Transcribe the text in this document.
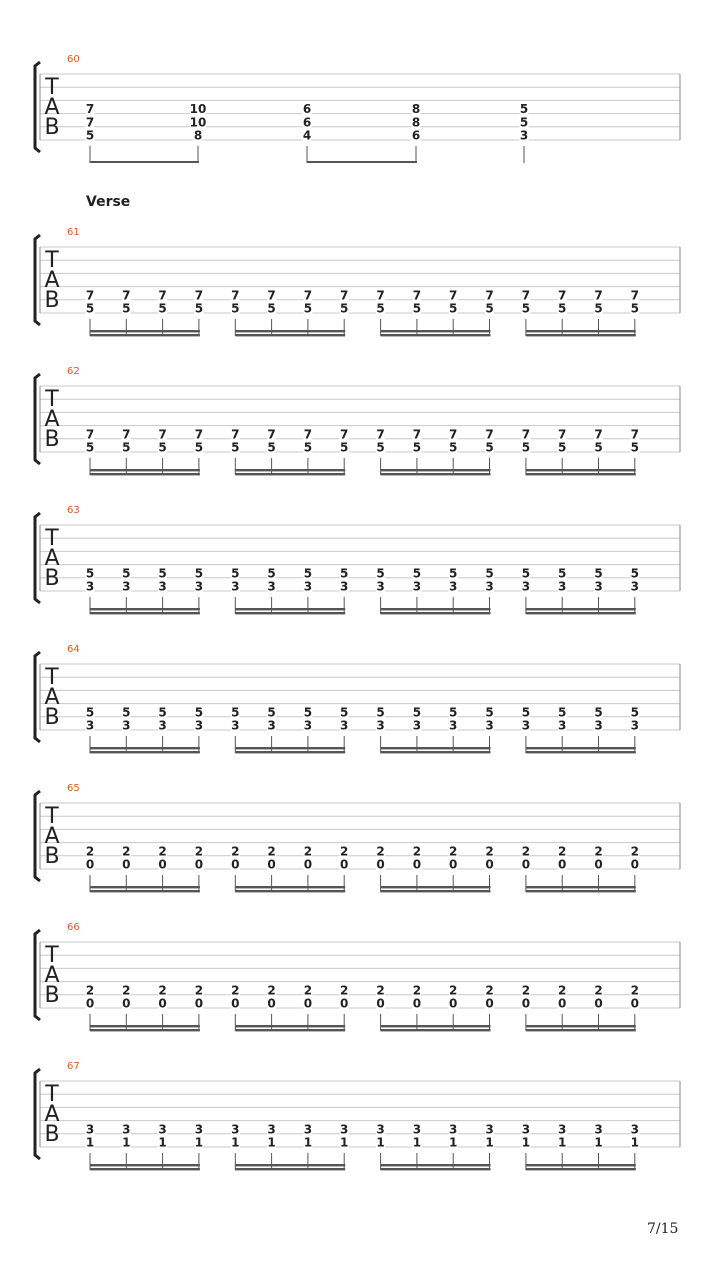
Verse
60
T
A
B
7
7
5
10
10
8
6
6
4
8
8
6
5
5
3
61
T
A
B 7
5
7
5
7
5
7
5
7
5
7
5
7
5
7
5
7
5
7
5
7
5
7
5
7
5
7
5
7
5
7
5
62
T
A
B 7
5
7
5
7
5
7
5
7
5
7
5
7
5
7
5
7
5
7
5
7
5
7
5
7
5
7
5
7
5
7
5
63
T
A
B 5
3
5
3
5
3
5
3
5
3
5
3
5
3
5
3
5
3
5
3
5
3
5
3
5
3
5
3
5
3
5
3
64
T
A
B 5
3
5
3
5
3
5
3
5
3
5
3
5
3
5
3
5
3
5
3
5
3
5
3
5
3
5
3
5
3
5
3
65
T
A
B 2
0
2
0
2
0
2
0
2
0
2
0
2
0
2
0
2
0
2
0
2
0
2
0
2
0
2
0
2
0
2
0
66
T
A
B 2
0
2
0
2
0
2
0
2
0
2
0
2
0
2
0
2
0
2
0
2
0
2
0
2
0
2
0
2
0
2
0
67
T
A
B 3
1
3
1
3
1
3
1
3
1
3
1
3
1
3
1
3
1
3
1
3
1
3
1
3
1
3
1
3
1
3
1
7/15
